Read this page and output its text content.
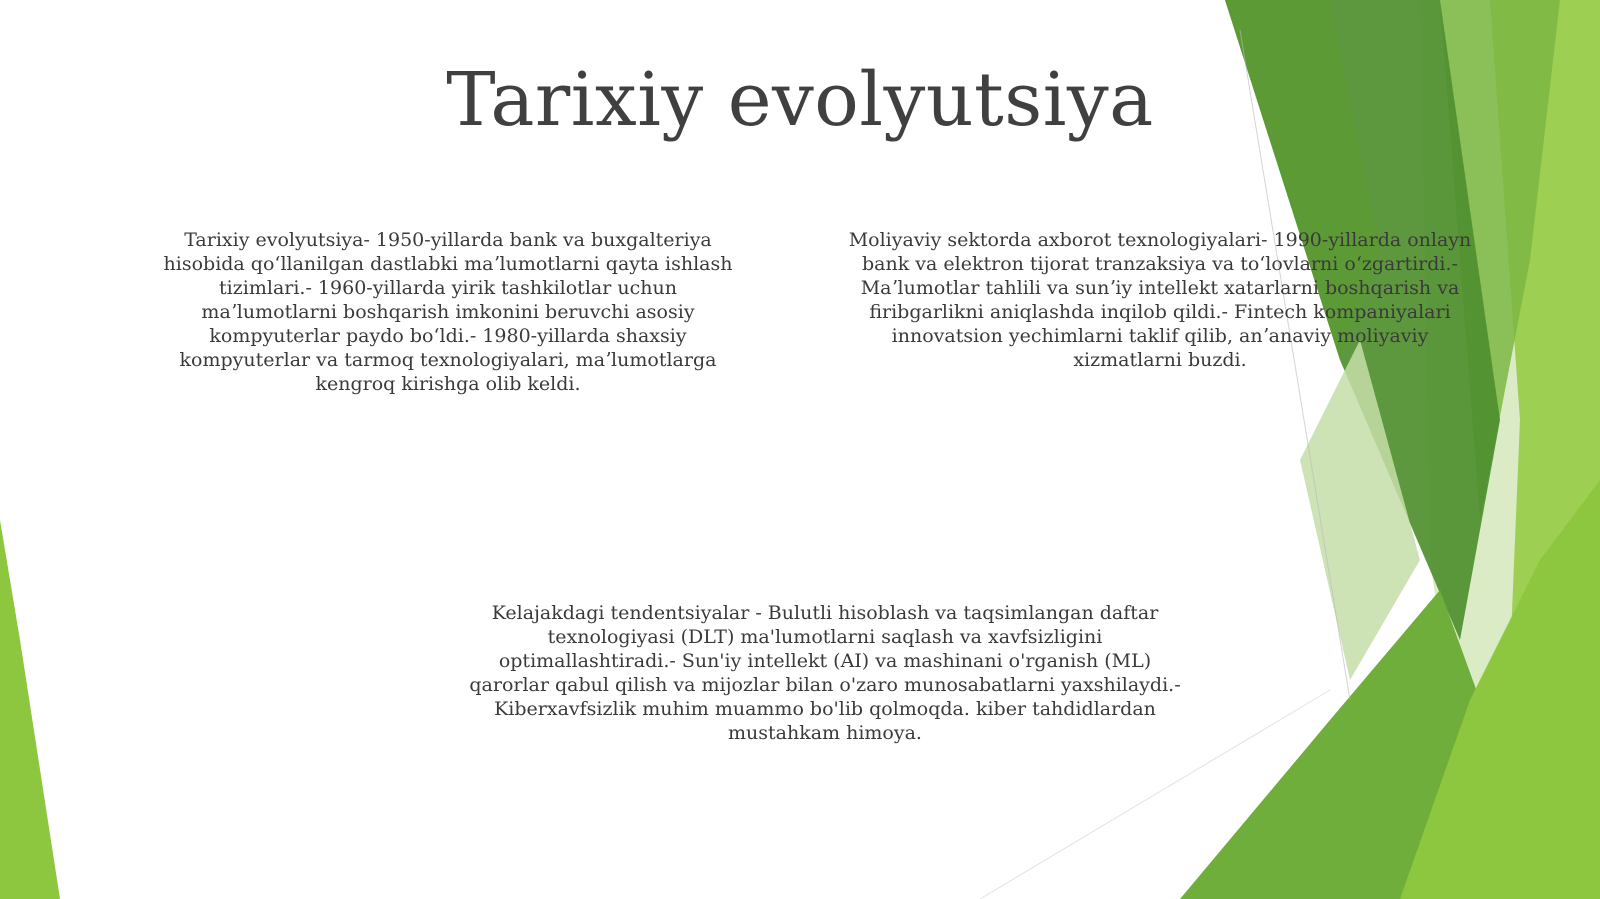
Tarixiy evolyutsiya

Tarixiy evolyutsiya- 1950-yillarda bank va buxgalteriya hisobida qoʻllanilgan dastlabki maʼlumotlarni qayta ishlash tizimlari.- 1960-yillarda yirik tashkilotlar uchun maʼlumotlarni boshqarish imkonini beruvchi asosiy kompyuterlar paydo boʻldi.- 1980-yillarda shaxsiy kompyuterlar va tarmoq texnologiyalari, maʼlumotlarga kengroq kirishga olib keldi.

Moliyaviy sektorda axborot texnologiyalari- 1990-yillarda onlayn bank va elektron tijorat tranzaksiya va toʻlovlarni oʻzgartirdi.- Maʼlumotlar tahlili va sunʼiy intellekt xatarlarni boshqarish va firibgarlikni aniqlashda inqilob qildi.- Fintech kompaniyalari innovatsion yechimlarni taklif qilib, anʼanaviy moliyaviy xizmatlarni buzdi.

Kelajakdagi tendentsiyalar - Bulutli hisoblash va taqsimlangan daftar texnologiyasi (DLT) ma'lumotlarni saqlash va xavfsizligini optimallashtiradi.- Sun'iy intellekt (AI) va mashinani o'rganish (ML) qarorlar qabul qilish va mijozlar bilan o'zaro munosabatlarni yaxshilaydi.- Kiberxavfsizlik muhim muammo bo'lib qolmoqda. kiber tahdidlardan mustahkam himoya.
